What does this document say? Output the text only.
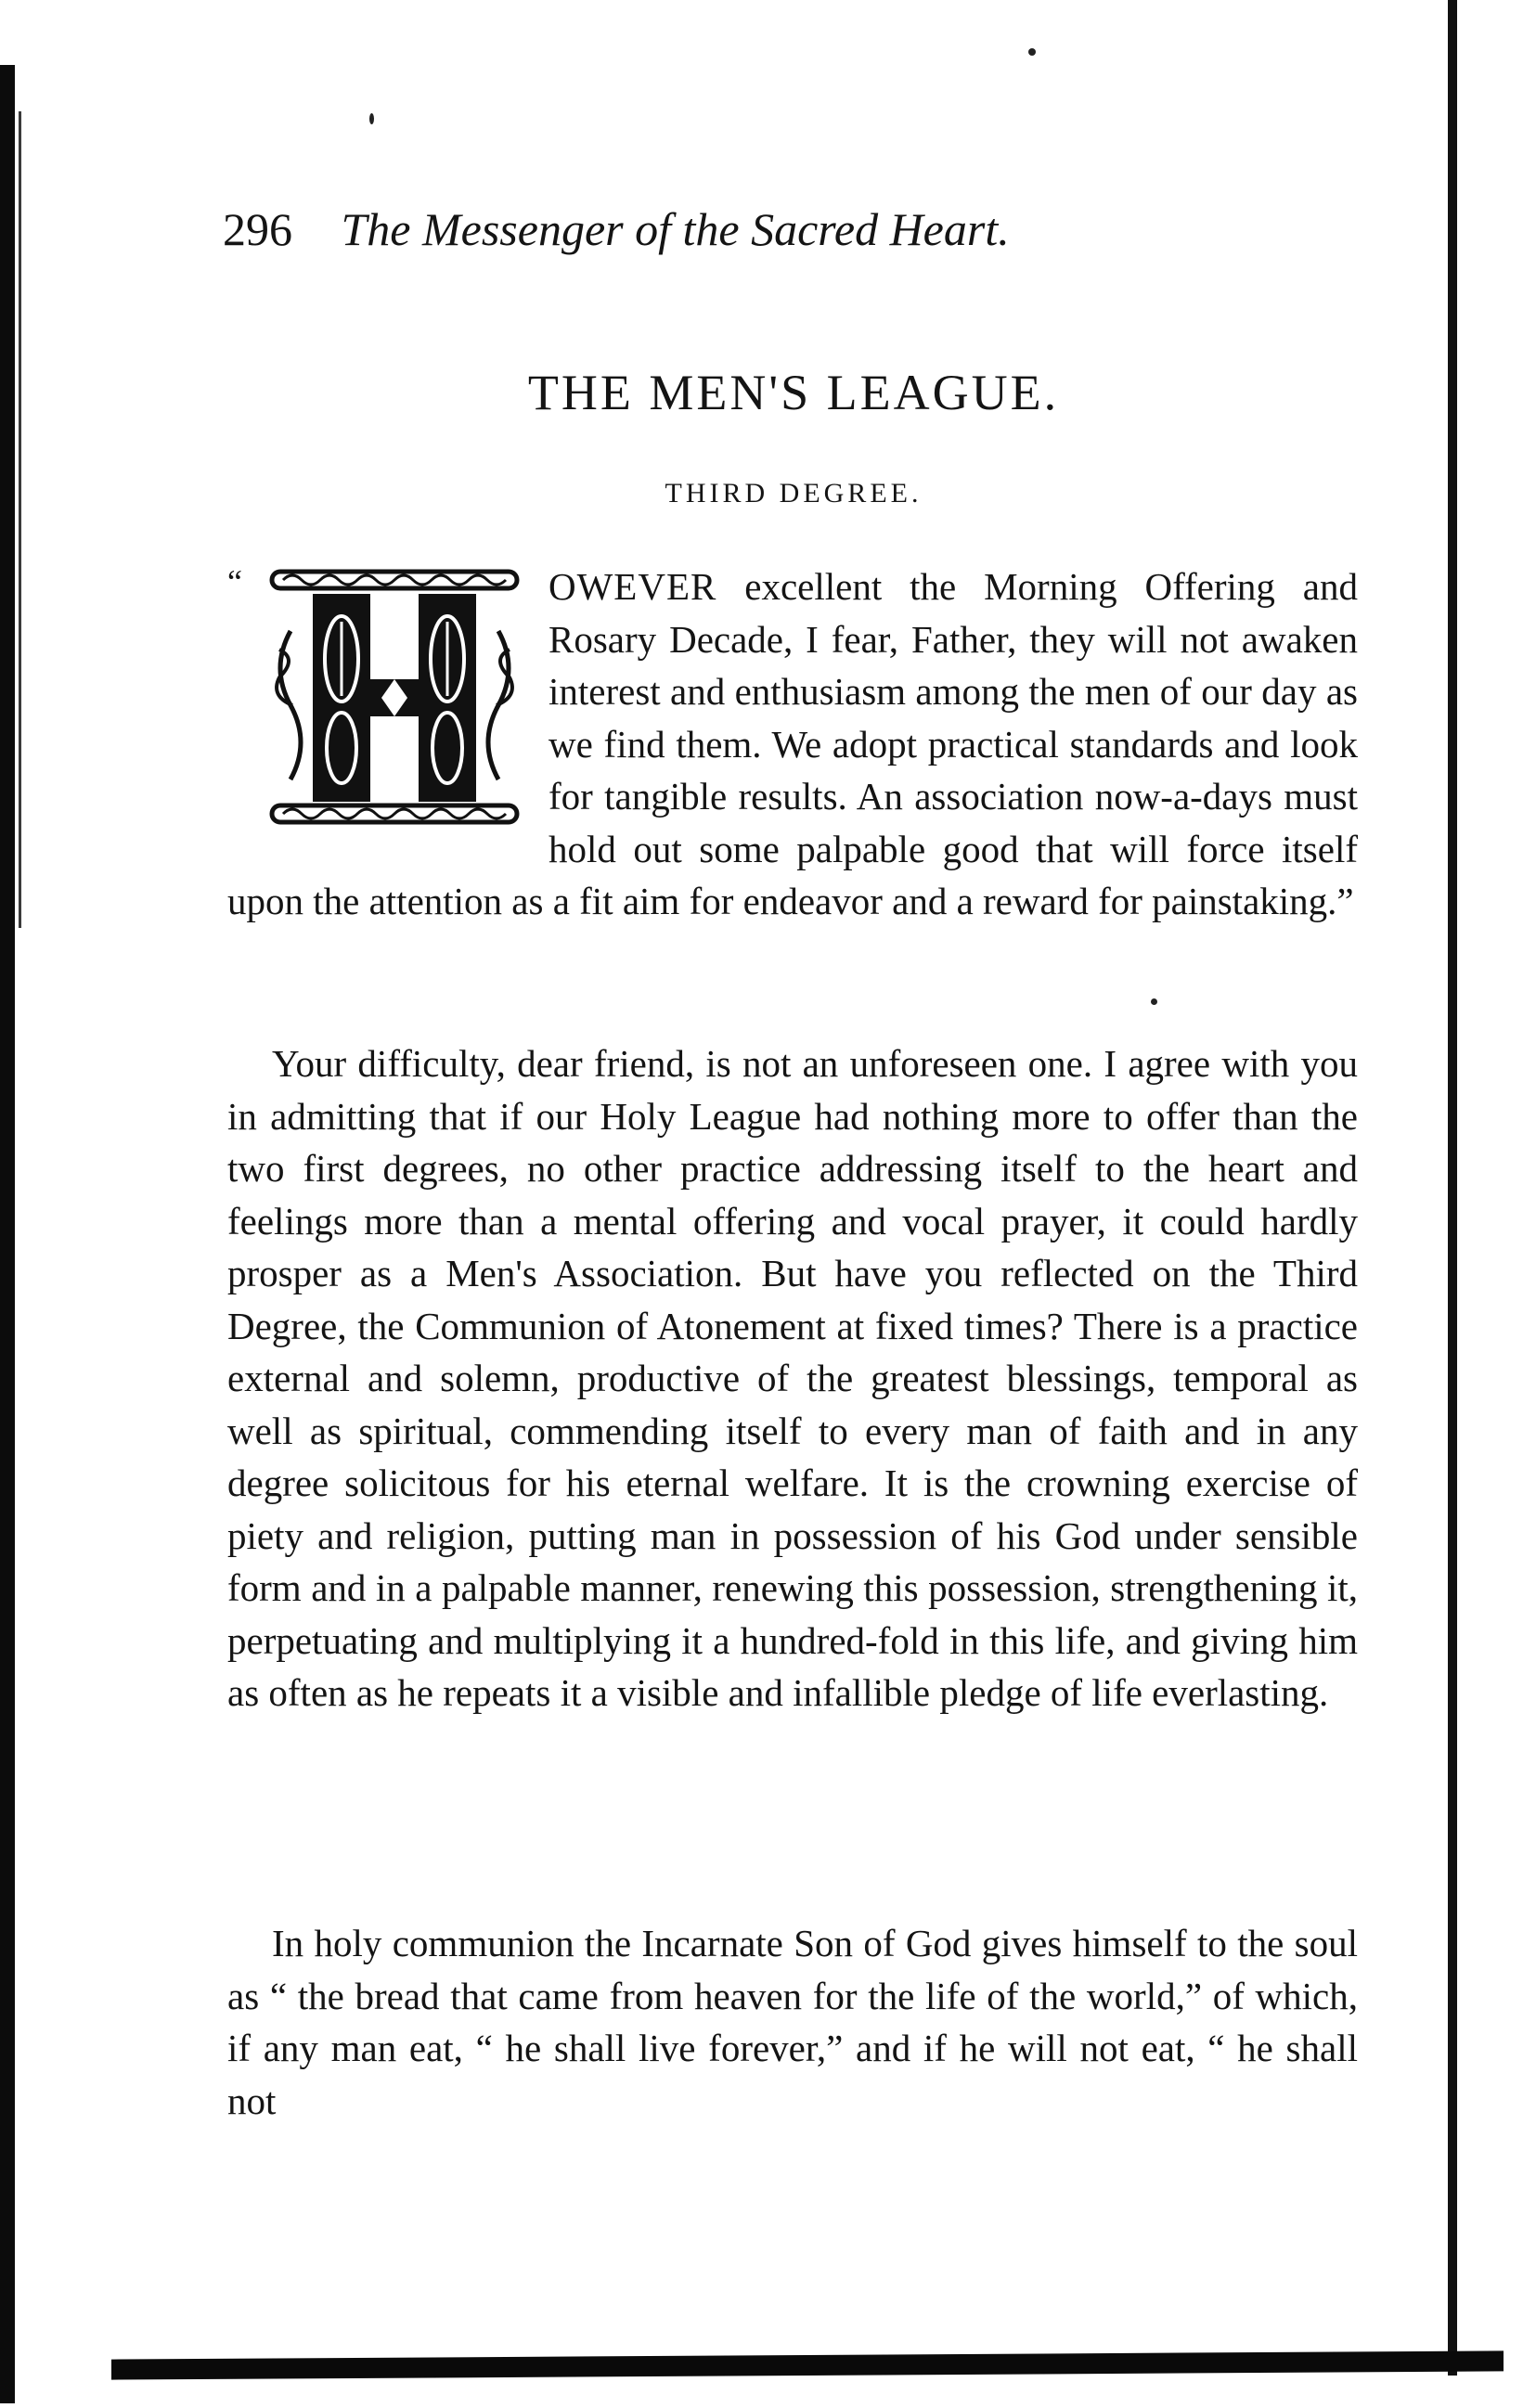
296 The Messenger of the Sacred Heart.
THE MEN'S LEAGUE.
THIRD DEGREE.
“	OWEVER excellent the Morning Offering and Rosary Decade, I fear, Father, they will not awaken interest and enthusiasm among the men of our day as we find them. We adopt practical standards and look for tangible results. An association now-a-days must hold out some palpable good that will force itself upon the attention as a fit aim for endeavor and a reward for painstaking.”
Your difficulty, dear friend, is not an unforeseen one. I agree with you in admitting that if our Holy League had nothing more to offer than the two first degrees, no other practice addressing itself to the heart and feelings more than a mental offering and vocal prayer, it could hardly prosper as a Men's Association. But have you reflected on the Third Degree, the Communion of Atonement at fixed times? There is a practice external and solemn, productive of the greatest blessings, temporal as well as spiritual, commending itself to every man of faith and in any degree solicitous for his eternal welfare. It is the crowning exercise of piety and religion, putting man in possession of his God under sensible form and in a palpable manner, renewing this possession, strengthening it, perpetuating and multiplying it a hundred-fold in this life, and giving him as often as he repeats it a visible and infallible pledge of life everlasting.
In holy communion the Incarnate Son of God gives himself to the soul as “ the bread that came from heaven for the life of the world,” of which, if any man eat, “ he shall live forever,” and if he will not eat, “ he shall not
